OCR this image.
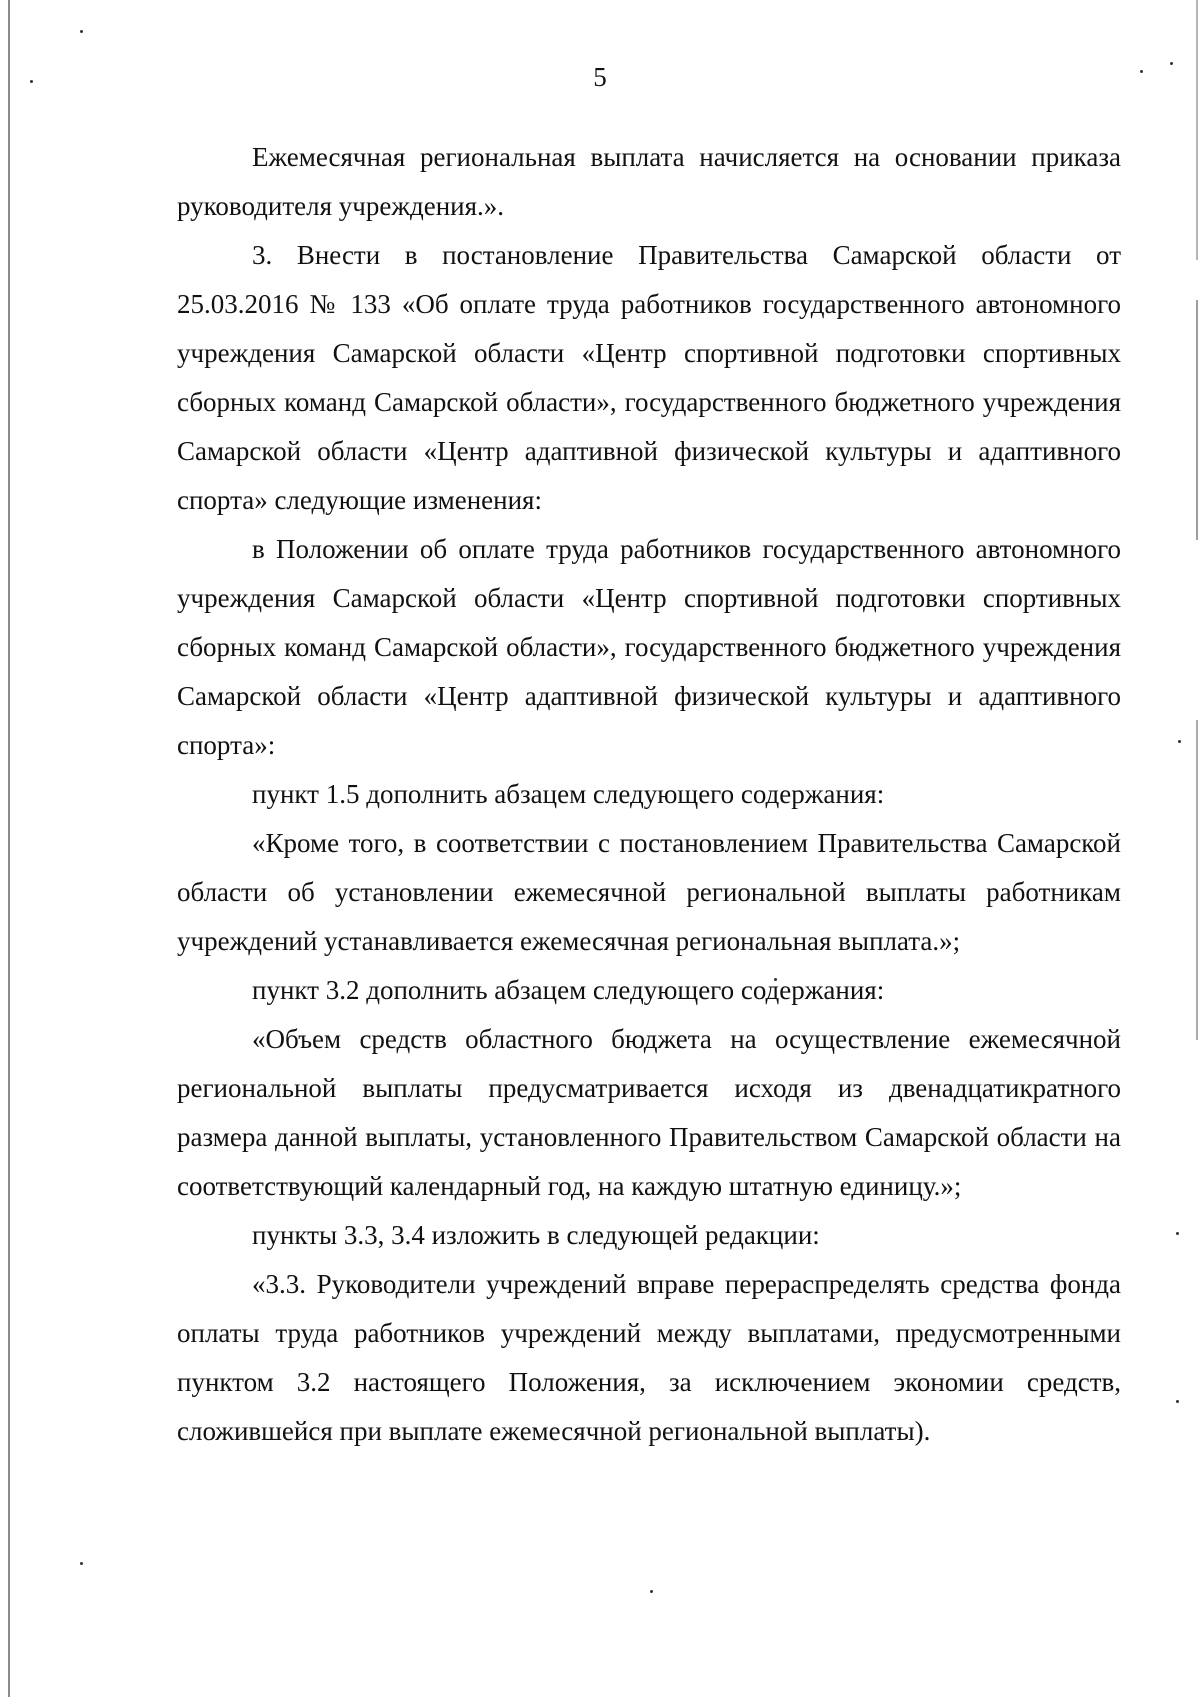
5

Ежемесячная региональная выплата начисляется на основании приказа руководителя учреждения.».

3. Внести в постановление Правительства Самарской области от 25.03.2016 № 133 «Об оплате труда работников государственного автономного учреждения Самарской области «Центр спортивной подготовки спортивных сборных команд Самарской области», государственного бюджетного учреждения Самарской области «Центр адаптивной физической культуры и адаптивного спорта» следующие изменения:

в Положении об оплате труда работников государственного автономного учреждения Самарской области «Центр спортивной подготовки спортивных сборных команд Самарской области», государственного бюджетного учреждения Самарской области «Центр адаптивной физической культуры и адаптивного спорта»:

пункт 1.5 дополнить абзацем следующего содержания:

«Кроме того, в соответствии с постановлением Правительства Самарской области об установлении ежемесячной региональной выплаты работникам учреждений устанавливается ежемесячная региональная выплата.»;

пункт 3.2 дополнить абзацем следующего содержания:

«Объем средств областного бюджета на осуществление ежемесячной региональной выплаты предусматривается исходя из двенадцатикратного размера данной выплаты, установленного Правительством Самарской области на соответствующий календарный год, на каждую штатную единицу.»;

пункты 3.3, 3.4 изложить в следующей редакции:

«3.3. Руководители учреждений вправе перераспределять средства фонда оплаты труда работников учреждений между выплатами, предусмотренными пунктом 3.2 настоящего Положения, за исключением экономии средств, сложившейся при выплате ежемесячной региональной выплаты).
